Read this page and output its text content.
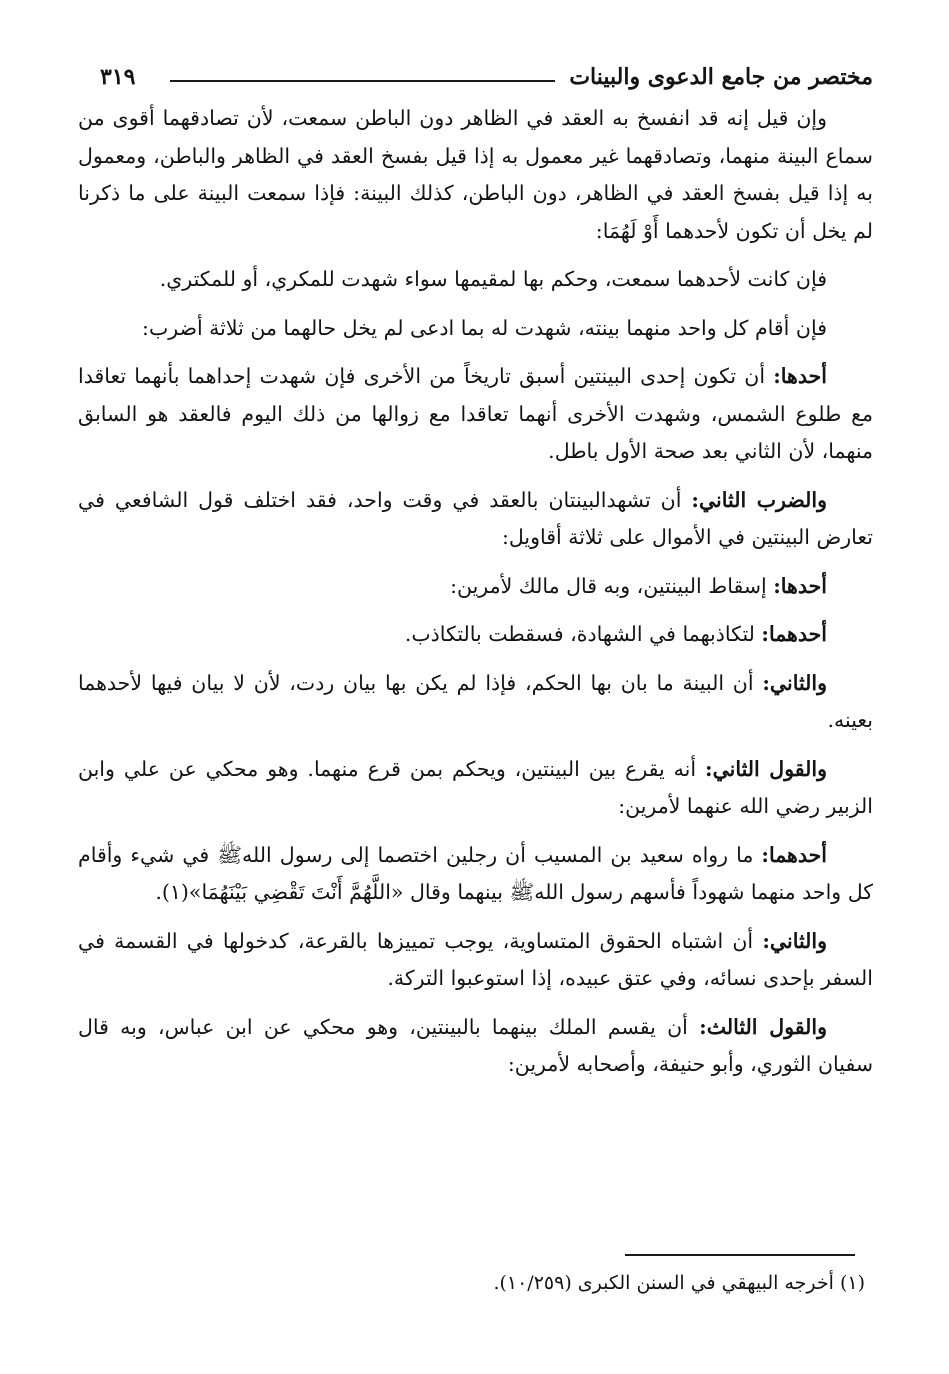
مختصر من جامع الدعوى والبينات
٣١٩

وإن قيل إنه قد انفسخ به العقد في الظاهر دون الباطن سمعت، لأن تصادقهما أقوى من سماع البينة منهما، وتصادقهما غير معمول به إذا قيل بفسخ العقد في الظاهر والباطن، ومعمول به إذا قيل بفسخ العقد في الظاهر، دون الباطن، كذلك البينة: فإذا سمعت البينة على ما ذكرنا لم يخل أن تكون لأحدهما أَوْ لَهُمَا:

فإن كانت لأحدهما سمعت، وحكم بها لمقيمها سواء شهدت للمكري، أو للمكتري.

فإن أقام كل واحد منهما بينته، شهدت له بما ادعى لم يخل حالهما من ثلاثة أضرب:

أحدها: أن تكون إحدى البينتين أسبق تاريخاً من الأخرى فإن شهدت إحداهما بأنهما تعاقدا مع طلوع الشمس، وشهدت الأخرى أنهما تعاقدا مع زوالها من ذلك اليوم فالعقد هو السابق منهما، لأن الثاني بعد صحة الأول باطل.

والضرب الثاني: أن تشهدالبينتان بالعقد في وقت واحد، فقد اختلف قول الشافعي في تعارض البينتين في الأموال على ثلاثة أقاويل:

أحدها: إسقاط البينتين، وبه قال مالك لأمرين:

أحدهما: لتكاذبهما في الشهادة، فسقطت بالتكاذب.

والثاني: أن البينة ما بان بها الحكم، فإذا لم يكن بها بيان ردت، لأن لا بيان فيها لأحدهما بعينه.

والقول الثاني: أنه يقرع بين البينتين، ويحكم بمن قرع منهما. وهو محكي عن علي وابن الزبير رضي الله عنهما لأمرين:

أحدهما: ما رواه سعيد بن المسيب أن رجلين اختصما إلى رسول اللهﷺ في شيء وأقام كل واحد منهما شهوداً فأسهم رسول اللهﷺ بينهما وقال «اللَّهُمَّ أَنْتَ تَقْضِي بَيْنَهُمَا»(١).

والثاني: أن اشتباه الحقوق المتساوية، يوجب تمييزها بالقرعة، كدخولها في القسمة في السفر بإحدى نسائه، وفي عتق عبيده، إذا استوعبوا التركة.

والقول الثالث: أن يقسم الملك بينهما بالبينتين، وهو محكي عن ابن عباس، وبه قال سفيان الثوري، وأبو حنيفة، وأصحابه لأمرين:

(١) أخرجه البيهقي في السنن الكبرى (١٠/٢٥٩).
